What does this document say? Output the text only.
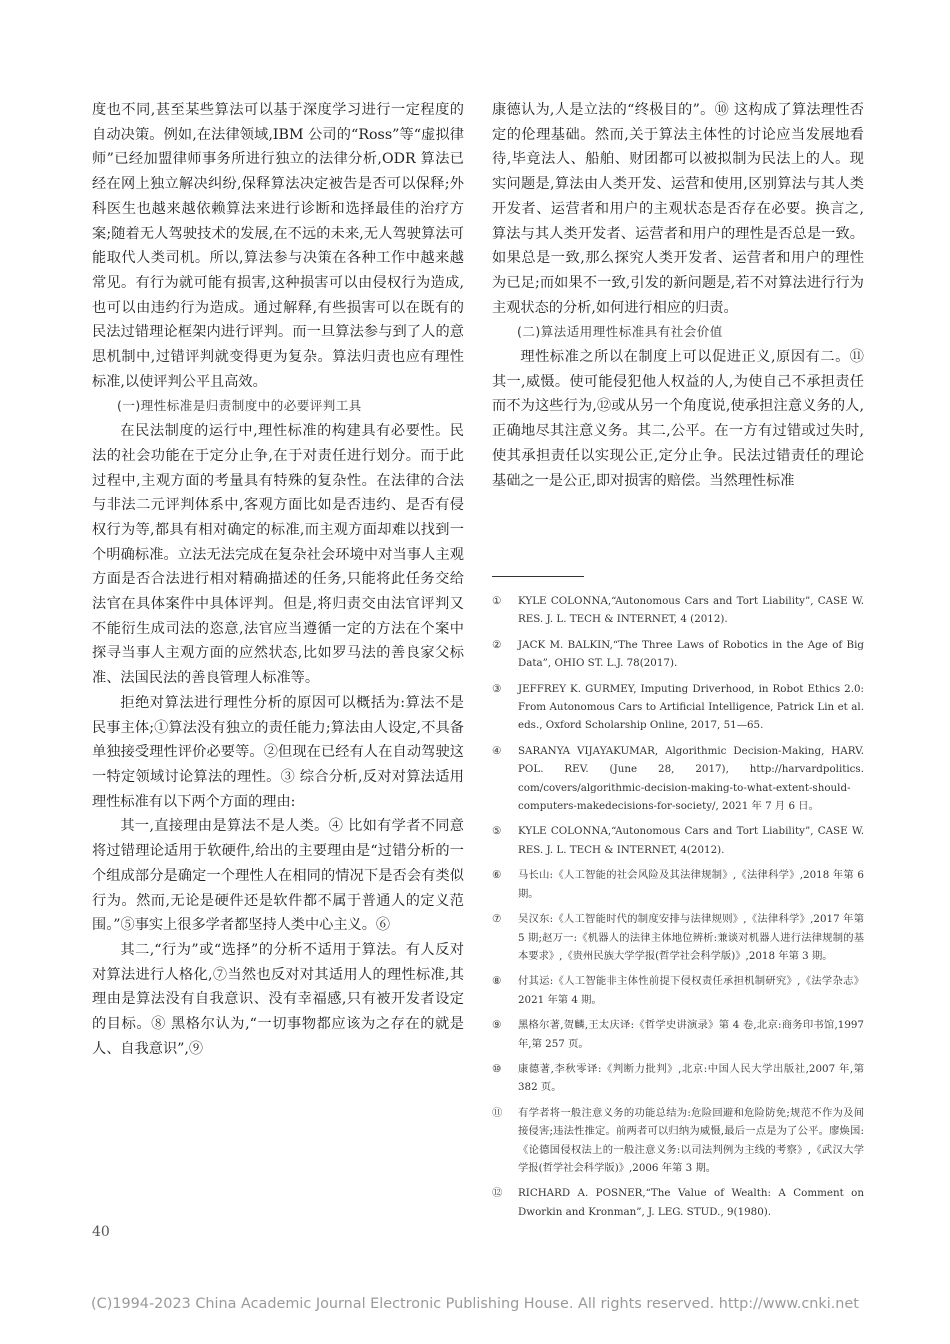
度也不同,甚至某些算法可以基于深度学习进行一定程度的自动决策。例如,在法律领域,IBM 公司的“Ross”等“虚拟律师”已经加盟律师事务所进行独立的法律分析,ODR 算法已经在网上独立解决纠纷,保释算法决定被告是否可以保释;外科医生也越来越依赖算法来进行诊断和选择最佳的治疗方案;随着无人驾驶技术的发展,在不远的未来,无人驾驶算法可能取代人类司机。所以,算法参与决策在各种工作中越来越常见。有行为就可能有损害,这种损害可以由侵权行为造成,也可以由违约行为造成。通过解释,有些损害可以在既有的民法过错理论框架内进行评判。而一旦算法参与到了人的意思机制中,过错评判就变得更为复杂。算法归责也应有理性标准,以使评判公平且高效。

(一)理性标准是归责制度中的必要评判工具

在民法制度的运行中,理性标准的构建具有必要性。民法的社会功能在于定分止争,在于对责任进行划分。而于此过程中,主观方面的考量具有特殊的复杂性。在法律的合法与非法二元评判体系中,客观方面比如是否违约、是否有侵权行为等,都具有相对确定的标准,而主观方面却难以找到一个明确标准。立法无法完成在复杂社会环境中对当事人主观方面是否合法进行相对精确描述的任务,只能将此任务交给法官在具体案件中具体评判。但是,将归责交由法官评判又不能衍生成司法的恣意,法官应当遵循一定的方法在个案中探寻当事人主观方面的应然状态,比如罗马法的善良家父标准、法国民法的善良管理人标准等。

拒绝对算法进行理性分析的原因可以概括为:算法不是民事主体;①算法没有独立的责任能力;算法由人设定,不具备单独接受理性评价必要等。②但现在已经有人在自动驾驶这一特定领域讨论算法的理性。③ 综合分析,反对对算法适用理性标准有以下两个方面的理由:

其一,直接理由是算法不是人类。④ 比如有学者不同意将过错理论适用于软硬件,给出的主要理由是“过错分析的一个组成部分是确定一个理性人在相同的情况下是否会有类似行为。然而,无论是硬件还是软件都不属于普通人的定义范围。”⑤事实上很多学者都坚持人类中心主义。⑥

其二,“行为”或“选择”的分析不适用于算法。有人反对对算法进行人格化,⑦当然也反对对其适用人的理性标准,其理由是算法没有自我意识、没有幸福感,只有被开发者设定的目标。⑧ 黑格尔认为,“一切事物都应该为之存在的就是人、自我意识”,⑨

康德认为,人是立法的“终极目的”。⑩ 这构成了算法理性否定的伦理基础。然而,关于算法主体性的讨论应当发展地看待,毕竟法人、船舶、财团都可以被拟制为民法上的人。现实问题是,算法由人类开发、运营和使用,区别算法与其人类开发者、运营者和用户的主观状态是否存在必要。换言之,算法与其人类开发者、运营者和用户的理性是否总是一致。如果总是一致,那么探究人类开发者、运营者和用户的理性为已足;而如果不一致,引发的新问题是,若不对算法进行行为主观状态的分析,如何进行相应的归责。

(二)算法适用理性标准具有社会价值

理性标准之所以在制度上可以促进正义,原因有二。⑪ 其一,威慑。使可能侵犯他人权益的人,为使自己不承担责任而不为这些行为,⑫或从另一个角度说,使承担注意义务的人,正确地尽其注意义务。其二,公平。在一方有过错或过失时,使其承担责任以实现公正,定分止争。民法过错责任的理论基础之一是公正,即对损害的赔偿。当然理性标准

① KYLE COLONNA,“Autonomous Cars and Tort Liability”, CASE W. RES. J. L. TECH & INTERNET, 4 (2012).
② JACK M. BALKIN,“The Three Laws of Robotics in the Age of Big Data”, OHIO ST. L.J. 78(2017).
③ JEFFREY K. GURMEY, Imputing Driverhood, in Robot Ethics 2.0: From Autonomous Cars to Artificial Intelligence, Patrick Lin et al. eds., Oxford Scholarship Online, 2017, 51—65.
④ SARANYA VIJAYAKUMAR, Algorithmic Decision-Making, HARV. POL. REV. (June 28, 2017), http://harvardpolitics. com/covers/algorithmic-decision-making-to-what-extent-should-computers-makedecisions-for-society/, 2021 年 7 月 6 日。
⑤ KYLE COLONNA,“Autonomous Cars and Tort Liability”, CASE W. RES. J. L. TECH & INTERNET, 4(2012).
⑥ 马长山:《人工智能的社会风险及其法律规制》,《法律科学》,2018 年第 6 期。
⑦ 吴汉东:《人工智能时代的制度安排与法律规则》,《法律科学》,2017 年第 5 期;赵万一:《机器人的法律主体地位辨析:兼谈对机器人进行法律规制的基本要求》,《贵州民族大学学报(哲学社会科学版)》,2018 年第 3 期。
⑧ 付其运:《人工智能非主体性前提下侵权责任承担机制研究》,《法学杂志》2021 年第 4 期。
⑨ 黑格尔著,贺麟,王太庆译:《哲学史讲演录》第 4 卷,北京:商务印书馆,1997 年,第 257 页。
⑩ 康德著,李秋零译:《判断力批判》,北京:中国人民大学出版社,2007 年,第 382 页。
⑪ 有学者将一般注意义务的功能总结为:危险回避和危险防免;规范不作为及间接侵害;违法性推定。前两者可以归纳为威慑,最后一点是为了公平。廖焕国:《论德国侵权法上的一般注意义务:以司法判例为主线的考察》,《武汉大学学报(哲学社会科学版)》,2006 年第 3 期。
⑫ RICHARD A. POSNER,“The Value of Wealth: A Comment on Dworkin and Kronman”, J. LEG. STUD., 9(1980).
40
(C)1994-2023 China Academic Journal Electronic Publishing House. All rights reserved. http://www.cnki.net
